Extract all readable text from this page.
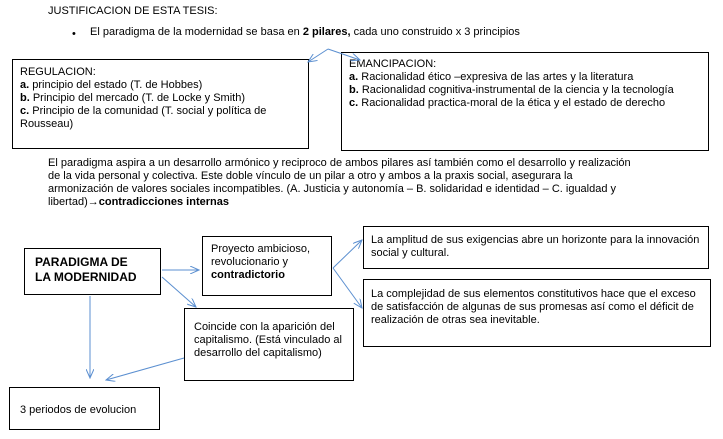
JUSTIFICACION DE ESTA TESIS:
• El paradigma de la modernidad se basa en 2 pilares, cada uno construido x 3 principios
REGULACION:
a. principio del estado (T. de Hobbes)
b. Principio del mercado (T. de Locke y Smith)
c. Principio de la comunidad (T. social y política de Rousseau)
EMANCIPACION:
a. Racionalidad ético –expresiva de las artes y la literatura
b. Racionalidad cognitiva-instrumental de la ciencia y la tecnología
c. Racionalidad practica-moral de la ética y el estado de derecho
El paradigma aspira a un desarrollo armónico y reciproco de ambos pilares así también como el desarrollo y realización de la vida personal y colectiva. Este doble vínculo de un pilar a otro y ambos a la praxis social, asegurara la armonización de valores sociales incompatibles. (A. Justicia y autonomía – B. solidaridad e identidad – C. igualdad y libertad)→contradicciones internas
PARADIGMA DE
LA MODERNIDAD
Proyecto ambicioso, revolucionario y contradictorio
La amplitud de sus exigencias abre un horizonte para la innovación social y cultural.
La complejidad de sus elementos constitutivos hace que el exceso de satisfacción de algunas de sus promesas así como el déficit de realización de otras sea inevitable.
Coincide con la aparición del capitalismo. (Está vinculado al desarrollo del capitalismo)
3 periodos de evolucion
